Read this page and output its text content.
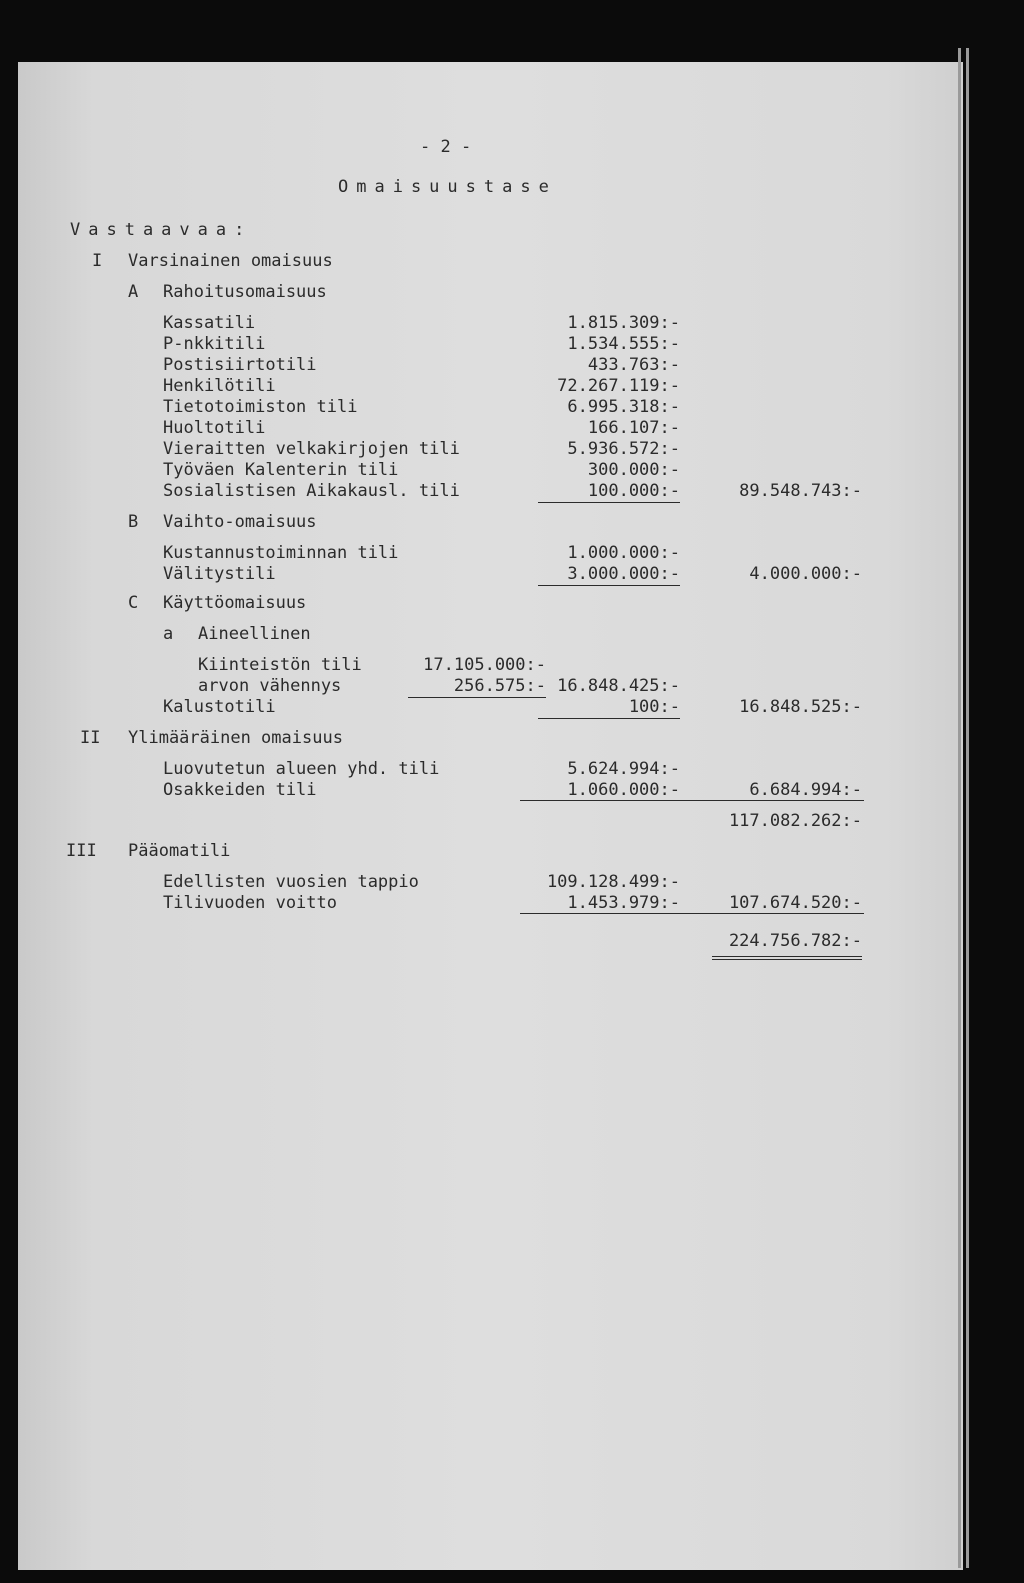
- 2 -
Omaisuustase
Vastaavaa:
I Varsinainen omaisuus
A Rahoitusomaisuus
Kassatili	1.815.309:-
P-nkkitili	1.534.555:-
Postisiirtotili	433.763:-
Henkilötili	72.267.119:-
Tietotoimiston tili	6.995.318:-
Huoltotili	166.107:-
Vieraitten velkakirjojen tili	5.936.572:-
Työväen Kalenterin tili	300.000:-
Sosialistisen Aikakausl. tili	100.000:-	89.548.743:-
B Vaihto-omaisuus
Kustannustoiminnan tili	1.000.000:-
Välitystili	3.000.000:-	4.000.000:-
C Käyttöomaisuus
a Aineellinen
Kiinteistön tili	17.105.000:-
arvon vähennys	256.575:- 16.848.425:-
Kalustotili	100:-	16.848.525:-
II Ylimääräinen omaisuus
Luovutetun alueen yhd. tili	5.624.994:-
Osakkeiden tili	1.060.000:-	6.684.994:-
117.082.262:-
III Pääomatili
Edellisten vuosien tappio	109.128.499:-
Tilivuoden voitto	1.453.979:-	107.674.520:-
224.756.782:-
